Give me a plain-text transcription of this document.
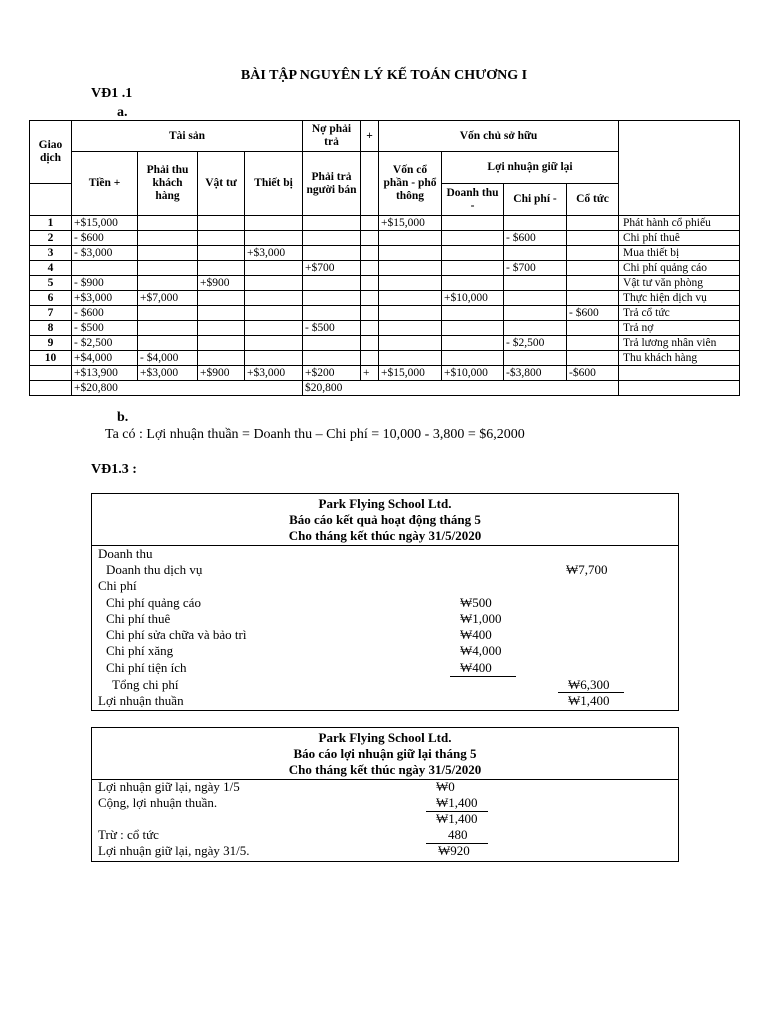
BÀI TẬP NGUYÊN LÝ KẾ TOÁN CHƯƠNG I
VĐ1 .1
a.
Giao dịch	Tài sản				Nợ phải trả	+	Vốn chủ sở hữu				
	Tiền +	Phải thu khách hàng	Vật tư	Thiết bị	Phải trả người bán		Vốn cổ phần - phổ thông	Lợi nhuận giữ lại			
								Doanh thu -	Chi phí -	Cổ tức	
1	+$15,000						+$15,000				Phát hành cổ phiếu
2	- $600								- $600		Chi phí thuê
3	- $3,000			+$3,000							Mua thiết bị
4					+$700				- $700		Chi phí quảng cáo
5	- $900		+$900								Vật tư văn phòng
6	+$3,000	+$7,000						+$10,000			Thực hiện dịch vụ
7	- $600									- $600	Trả cổ tức
8	- $500				- $500						Trả nợ
9	- $2,500								- $2,500		Trả lương nhân viên
10	+$4,000	- $4,000									Thu khách hàng
	+$13,900	+$3,000	+$900	+$3,000	+$200	+	+$15,000	+$10,000	-$3,800	-$600	
	+$20,800				$20,800						
b.
Ta có : Lợi nhuận thuần = Doanh thu – Chi phí = 10,000 - 3,800 = $6,2000
VĐ1.3 :
Park Flying School Ltd.
Báo cáo kết quả hoạt động tháng 5
Cho tháng kết thúc ngày 31/5/2020
Doanh thu
Doanh thu dịch vụ	₩7,700
Chi phí
Chi phí quảng cáo	₩500
Chi phí thuê	₩1,000
Chi phí sửa chữa và bảo trì	₩400
Chi phí xăng	₩4,000
Chi phí tiện ích	₩400
Tổng chi phí	₩6,300
Lợi nhuận thuần	₩1,400
Park Flying School Ltd.
Báo cáo lợi nhuận giữ lại tháng 5
Cho tháng kết thúc ngày 31/5/2020
Lợi nhuận giữ lại, ngày 1/5	₩0
Cộng, lợi nhuận thuần.	₩1,400
₩1,400
Trừ : cổ tức	480
Lợi nhuận giữ lại, ngày 31/5.	₩920
